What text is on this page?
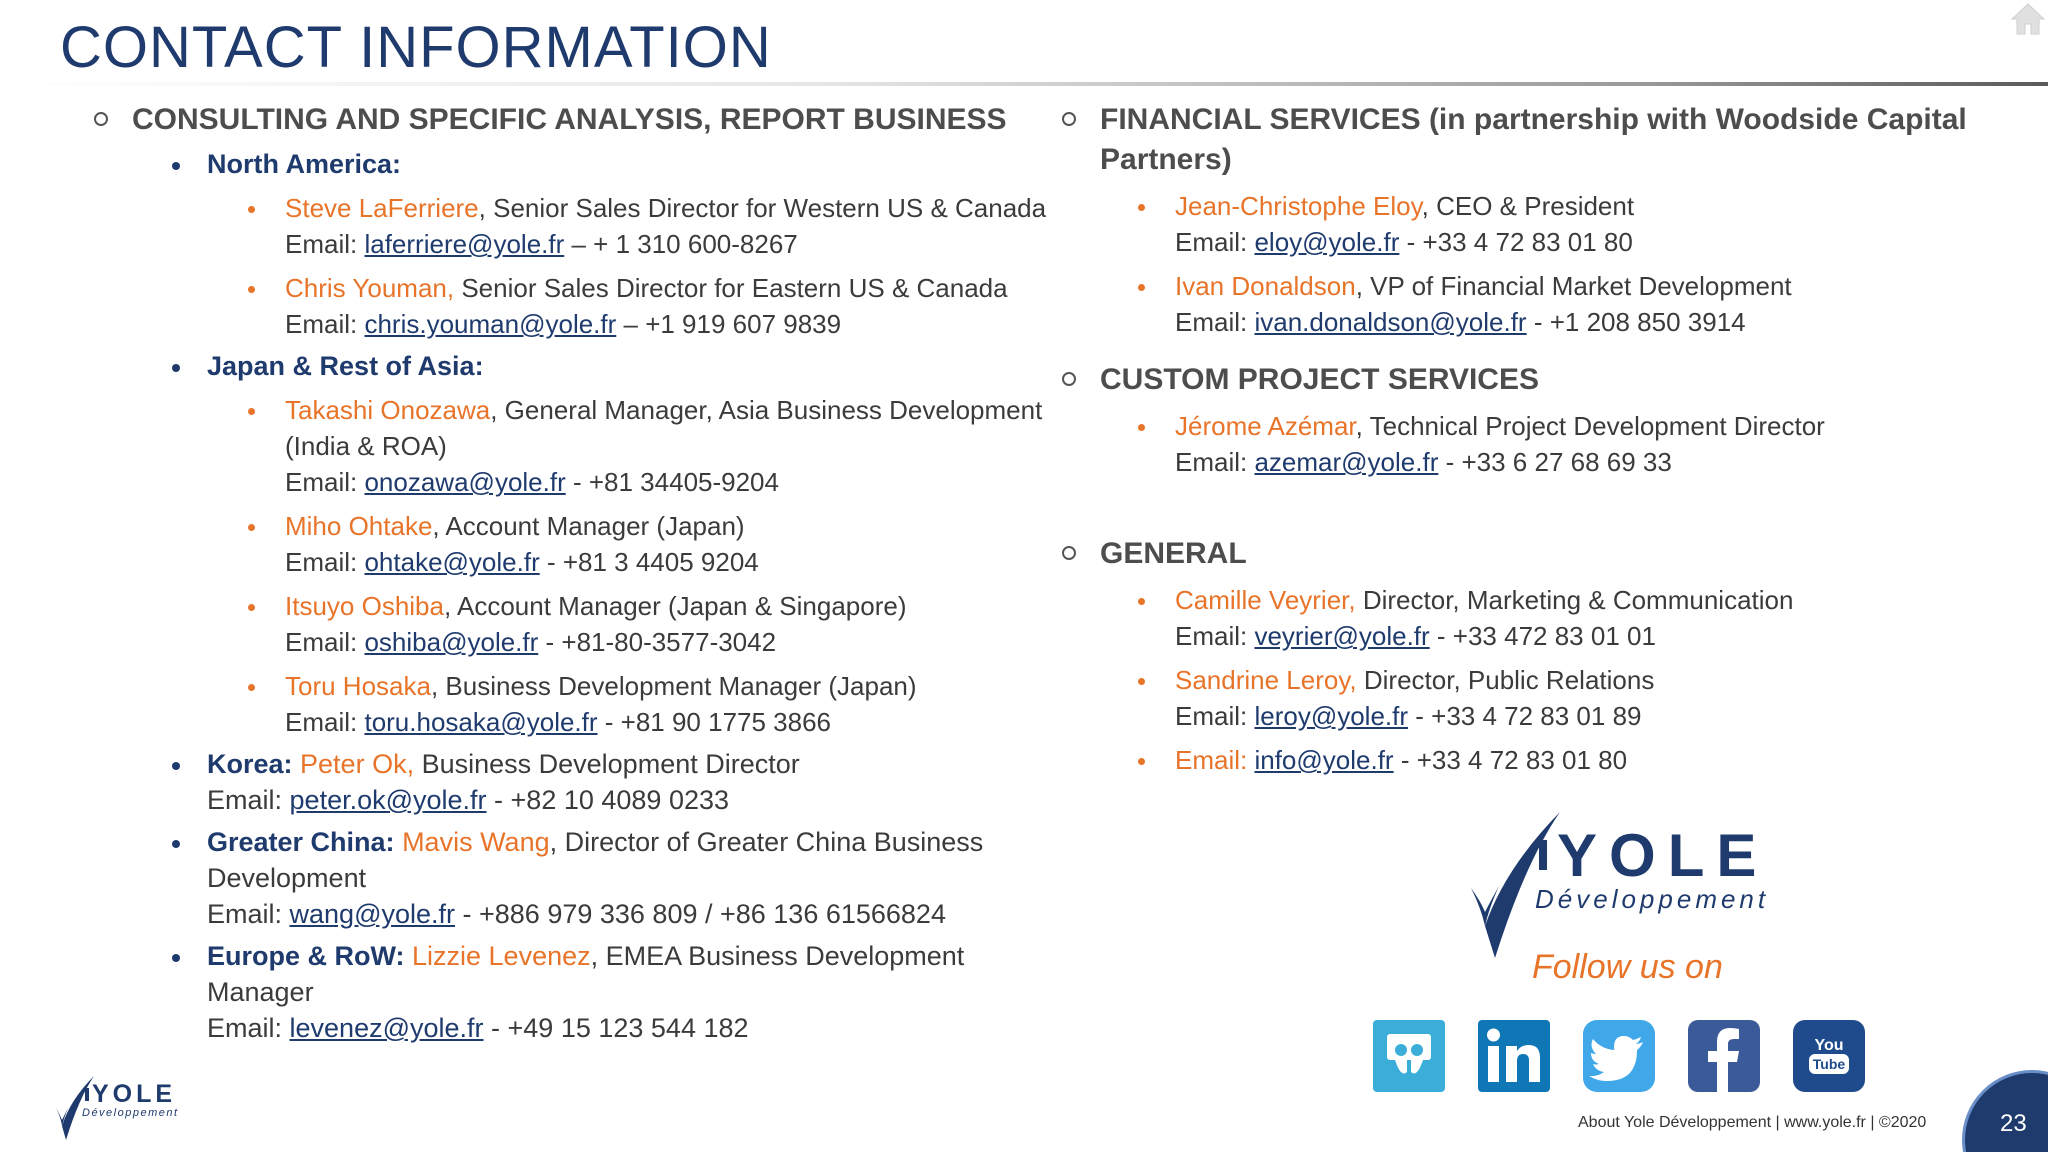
CONTACT INFORMATION
CONSULTING AND SPECIFIC ANALYSIS, REPORT BUSINESS
North America:
Steve LaFerriere, Senior Sales Director for Western US & Canada
Email: laferriere@yole.fr – + 1 310 600-8267
Chris Youman, Senior Sales Director for Eastern US & Canada
Email: chris.youman@yole.fr – +1 919 607 9839
Japan & Rest of Asia:
Takashi Onozawa, General Manager, Asia Business Development (India & ROA)
Email: onozawa@yole.fr - +81 34405-9204
Miho Ohtake, Account Manager (Japan)
Email: ohtake@yole.fr - +81 3 4405 9204
Itsuyo Oshiba, Account Manager (Japan & Singapore)
Email: oshiba@yole.fr - +81-80-3577-3042
Toru Hosaka, Business Development Manager (Japan)
Email: toru.hosaka@yole.fr - +81 90 1775 3866
Korea: Peter Ok, Business Development Director
Email: peter.ok@yole.fr - +82 10 4089 0233
Greater China: Mavis Wang, Director of Greater China Business Development
Email: wang@yole.fr - +886 979 336 809 / +86 136 61566824
Europe & RoW: Lizzie Levenez, EMEA Business Development Manager
Email: levenez@yole.fr - +49 15 123 544 182
FINANCIAL SERVICES (in partnership with Woodside Capital Partners)
Jean-Christophe Eloy, CEO & President
Email: eloy@yole.fr - +33 4 72 83 01 80
Ivan Donaldson, VP of Financial Market Development
Email: ivan.donaldson@yole.fr - +1 208 850 3914
CUSTOM PROJECT SERVICES
Jérome Azémar, Technical Project Development Director
Email: azemar@yole.fr - +33 6 27 68 69 33
GENERAL
Camille Veyrier, Director, Marketing & Communication
Email: veyrier@yole.fr - +33 472 83 01 01
Sandrine Leroy, Director, Public Relations
Email: leroy@yole.fr - +33 4 72 83 01 89
Email: info@yole.fr - +33 4 72 83 01 80
YOLE
Développement
Follow us on
You
Tube
YOLE
Développement
About Yole Développement | www.yole.fr | ©2020	23
